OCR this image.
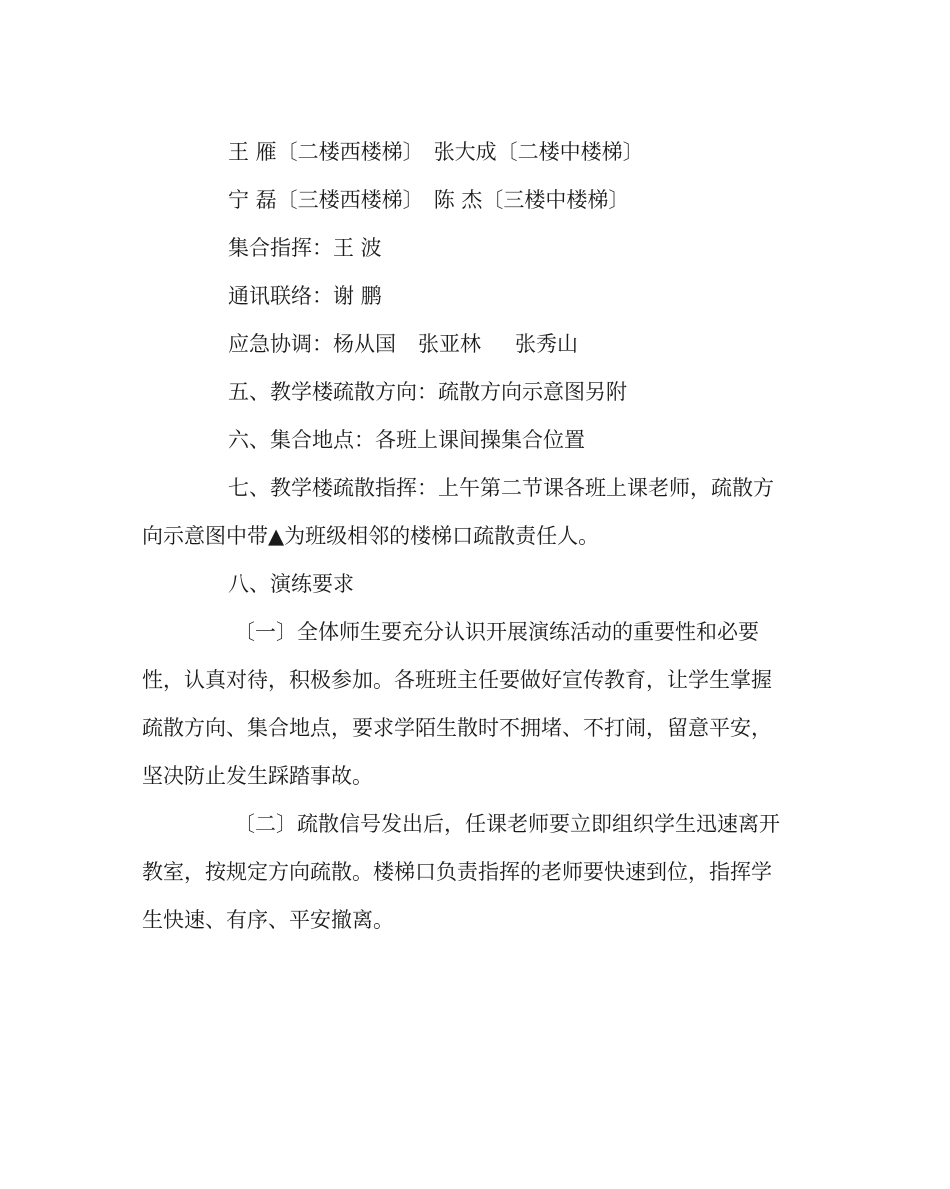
王 雁〔二楼西楼梯〕 张大成〔二楼中楼梯〕
宁 磊〔三楼西楼梯〕 陈 杰〔三楼中楼梯〕
集合指挥：王 波
通讯联络：谢 鹏
应急协调：杨从国 张亚林 张秀山
五、教学楼疏散方向：疏散方向示意图另附
六、集合地点：各班上课间操集合位置
七、教学楼疏散指挥：上午第二节课各班上课老师，疏散方
向示意图中带▲为班级相邻的楼梯口疏散责任人。
八、演练要求
〔一〕全体师生要充分认识开展演练活动的重要性和必要
性，认真对待，积极参加。各班班主任要做好宣传教育，让学生掌握
疏散方向、集合地点，要求学陌生散时不拥堵、不打闹，留意平安，
坚决防止发生踩踏事故。
〔二〕疏散信号发出后，任课老师要立即组织学生迅速离开
教室，按规定方向疏散。楼梯口负责指挥的老师要快速到位，指挥学
生快速、有序、平安撤离。
